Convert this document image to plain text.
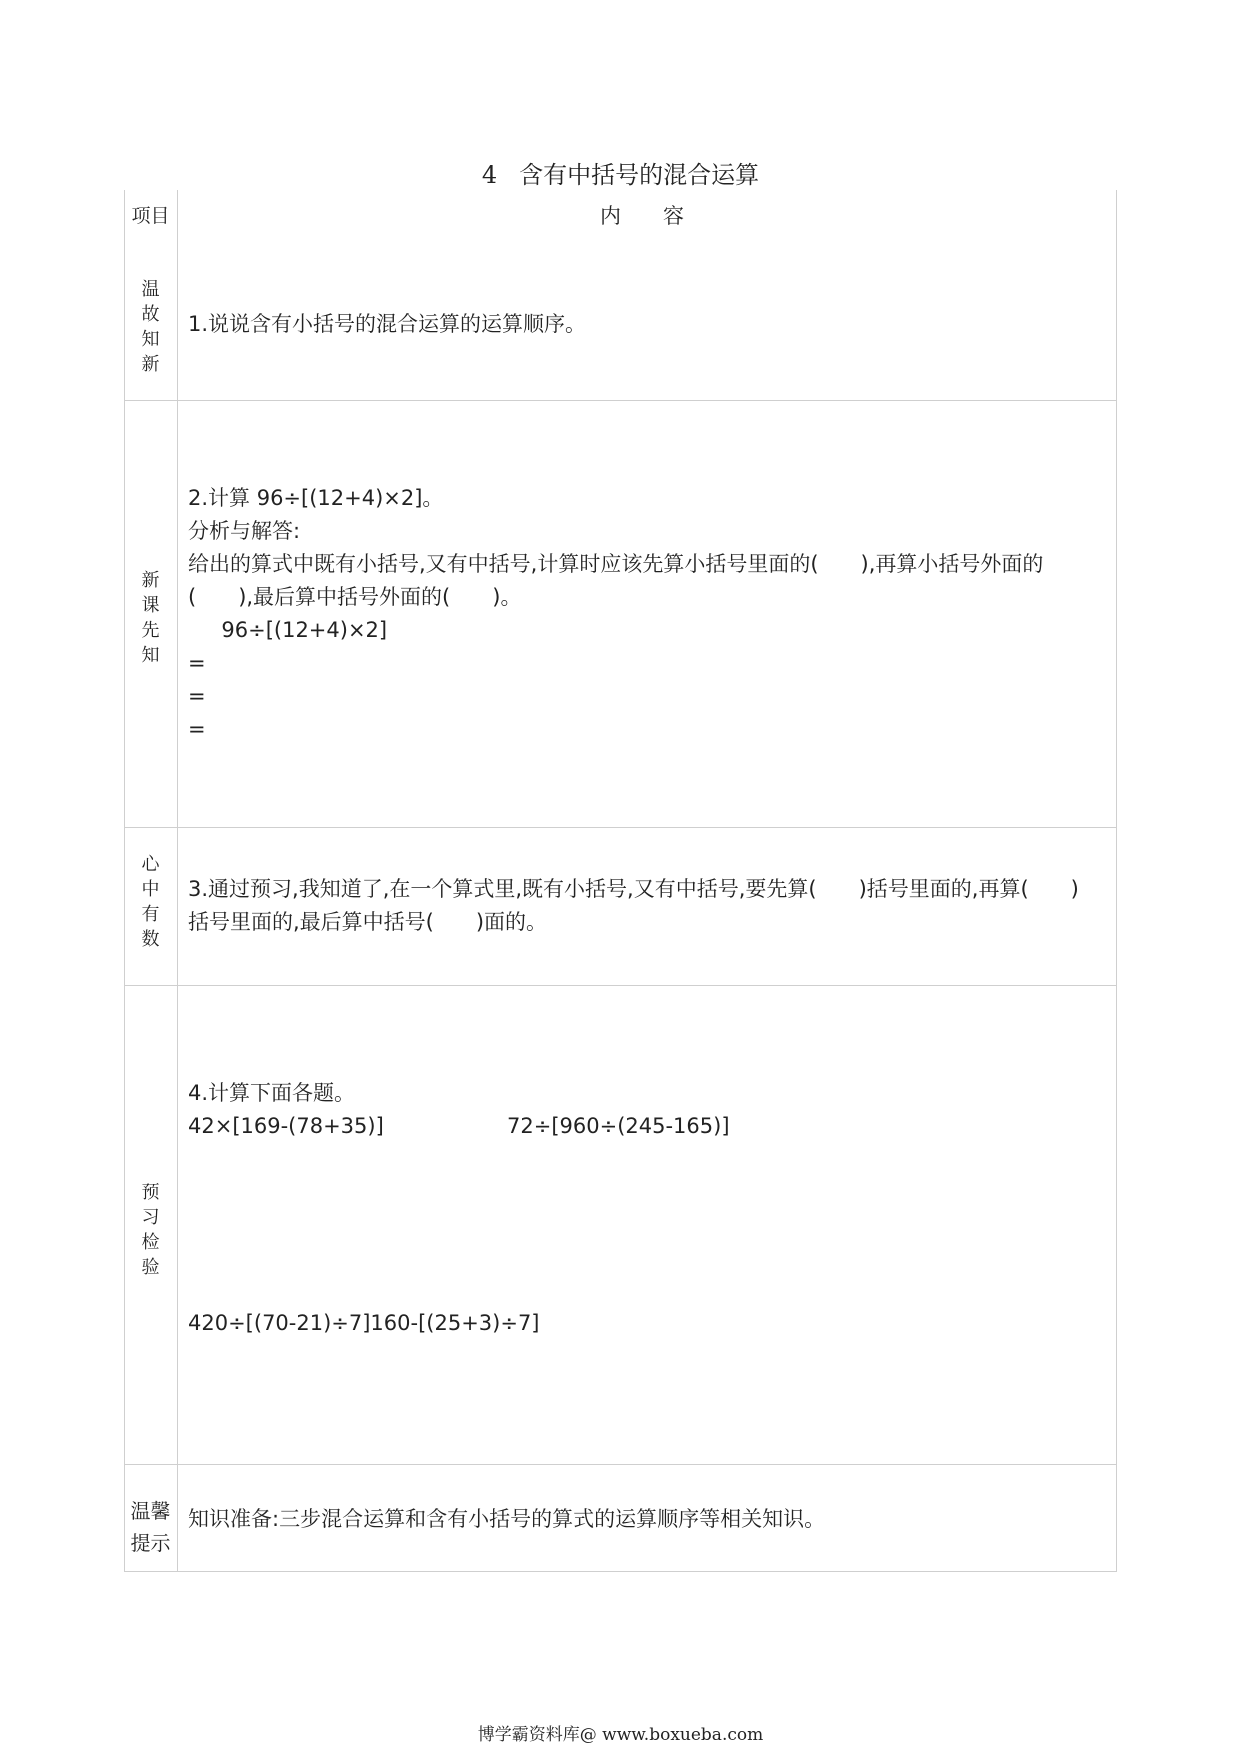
4 含有中括号的混合运算
项目	内　　容
温
故
知
新

1.说说含有小括号的混合运算的运算顺序。

新
课
先
知

2.计算 96÷[(12+4)×2]。

分析与解答:

给出的算式中既有小括号,又有中括号,计算时应该先算小括号里面的(　　),再算小括号外面的

(　　),最后算中括号外面的(　　)。

96÷[(12+4)×2]

=

=

=

心
中
有
数

3.通过预习,我知道了,在一个算式里,既有小括号,又有中括号,要先算(　　)括号里面的,再算(　　)

括号里面的,最后算中括号(　　)面的。

预
习
检
验

4.计算下面各题。

42×[169-(78+35)]	72÷[960÷(245-165)]
420÷[(70-21)÷7]160-[(25+3)÷7]
温馨
提示

知识准备:三步混合运算和含有小括号的算式的运算顺序等相关知识。

博学霸资料库@ www.boxueba.com
